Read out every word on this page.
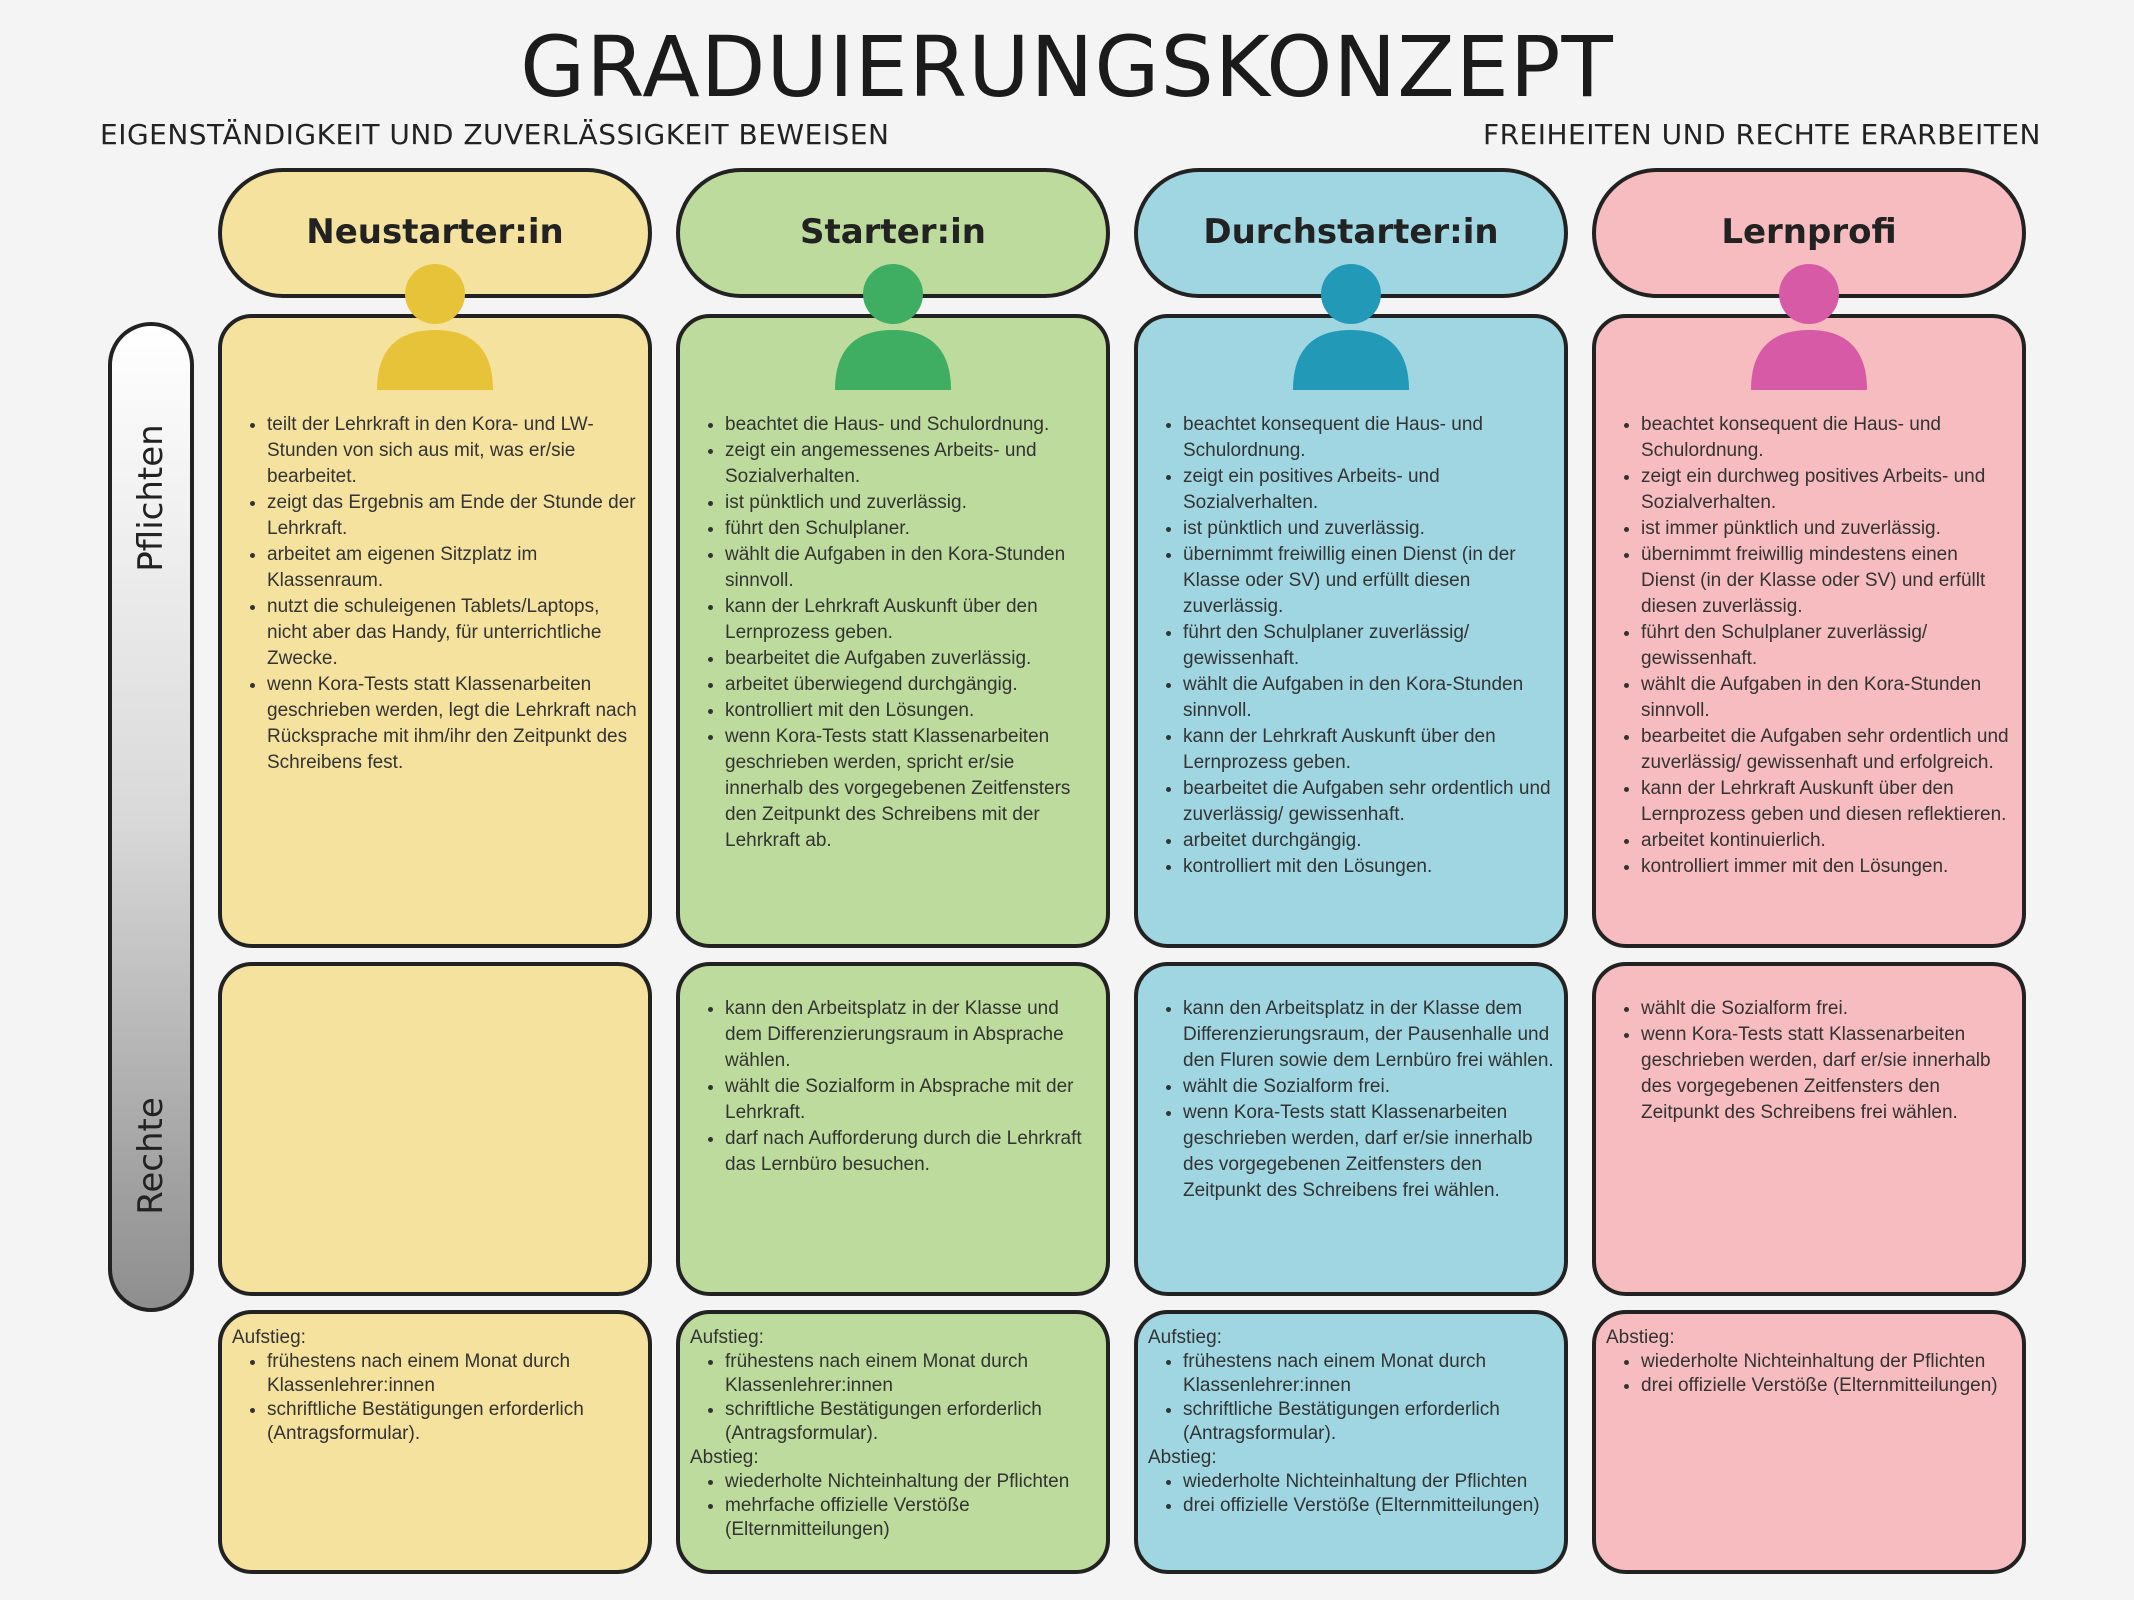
GRADUIERUNGSKONZEPT
EIGENSTÄNDIGKEIT UND ZUVERLÄSSIGKEIT BEWEISEN	FREIHEITEN UND RECHTE ERARBEITEN
Pflichten
Rechte
Neustarter:in
• teilt der Lehrkraft in den Kora- und LW-Stunden von sich aus mit, was er/sie bearbeitet.
• zeigt das Ergebnis am Ende der Stunde der Lehrkraft.
• arbeitet am eigenen Sitzplatz im Klassenraum.
• nutzt die schuleigenen Tablets/Laptops, nicht aber das Handy, für unterrichtliche Zwecke.
• wenn Kora-Tests statt Klassenarbeiten geschrieben werden, legt die Lehrkraft nach Rücksprache mit ihm/ihr den Zeitpunkt des Schreibens fest.
Aufstieg:
• frühestens nach einem Monat durch Klassenlehrer:innen
• schriftliche Bestätigungen erforderlich (Antragsformular).
Starter:in
• beachtet die Haus- und Schulordnung.
• zeigt ein angemessenes Arbeits- und Sozialverhalten.
• ist pünktlich und zuverlässig.
• führt den Schulplaner.
• wählt die Aufgaben in den Kora-Stunden sinnvoll.
• kann der Lehrkraft Auskunft über den Lernprozess geben.
• bearbeitet die Aufgaben zuverlässig.
• arbeitet überwiegend durchgängig.
• kontrolliert mit den Lösungen.
• wenn Kora-Tests statt Klassenarbeiten geschrieben werden, spricht er/sie innerhalb des vorgegebenen Zeitfensters den Zeitpunkt des Schreibens mit der Lehrkraft ab.
• kann den Arbeitsplatz in der Klasse und dem Differenzierungsraum in Absprache wählen.
• wählt die Sozialform in Absprache mit der Lehrkraft.
• darf nach Aufforderung durch die Lehrkraft das Lernbüro besuchen.
Aufstieg:
• frühestens nach einem Monat durch Klassenlehrer:innen
• schriftliche Bestätigungen erforderlich (Antragsformular).
Abstieg:
• wiederholte Nichteinhaltung der Pflichten
• mehrfache offizielle Verstöße (Elternmitteilungen)
Durchstarter:in
• beachtet konsequent die Haus- und Schulordnung.
• zeigt ein positives Arbeits- und Sozialverhalten.
• ist pünktlich und zuverlässig.
• übernimmt freiwillig einen Dienst (in der Klasse oder SV) und erfüllt diesen zuverlässig.
• führt den Schulplaner zuverlässig/ gewissenhaft.
• wählt die Aufgaben in den Kora-Stunden sinnvoll.
• kann der Lehrkraft Auskunft über den Lernprozess geben.
• bearbeitet die Aufgaben sehr ordentlich und zuverlässig/ gewissenhaft.
• arbeitet durchgängig.
• kontrolliert mit den Lösungen.
• kann den Arbeitsplatz in der Klasse dem Differenzierungsraum, der Pausenhalle und den Fluren sowie dem Lernbüro frei wählen.
• wählt die Sozialform frei.
• wenn Kora-Tests statt Klassenarbeiten geschrieben werden, darf er/sie innerhalb des vorgegebenen Zeitfensters den Zeitpunkt des Schreibens frei wählen.
Aufstieg:
• frühestens nach einem Monat durch Klassenlehrer:innen
• schriftliche Bestätigungen erforderlich (Antragsformular).
Abstieg:
• wiederholte Nichteinhaltung der Pflichten
• drei offizielle Verstöße (Elternmitteilungen)
Lernprofi
• beachtet konsequent die Haus- und Schulordnung.
• zeigt ein durchweg positives Arbeits- und Sozialverhalten.
• ist immer pünktlich und zuverlässig.
• übernimmt freiwillig mindestens einen Dienst (in der Klasse oder SV) und erfüllt diesen zuverlässig.
• führt den Schulplaner zuverlässig/ gewissenhaft.
• wählt die Aufgaben in den Kora-Stunden sinnvoll.
• bearbeitet die Aufgaben sehr ordentlich und zuverlässig/ gewissenhaft und erfolgreich.
• kann der Lehrkraft Auskunft über den Lernprozess geben und diesen reflektieren.
• arbeitet kontinuierlich.
• kontrolliert immer mit den Lösungen.
• wählt die Sozialform frei.
• wenn Kora-Tests statt Klassenarbeiten geschrieben werden, darf er/sie innerhalb des vorgegebenen Zeitfensters den Zeitpunkt des Schreibens frei wählen.
Abstieg:
• wiederholte Nichteinhaltung der Pflichten
• drei offizielle Verstöße (Elternmitteilungen)
